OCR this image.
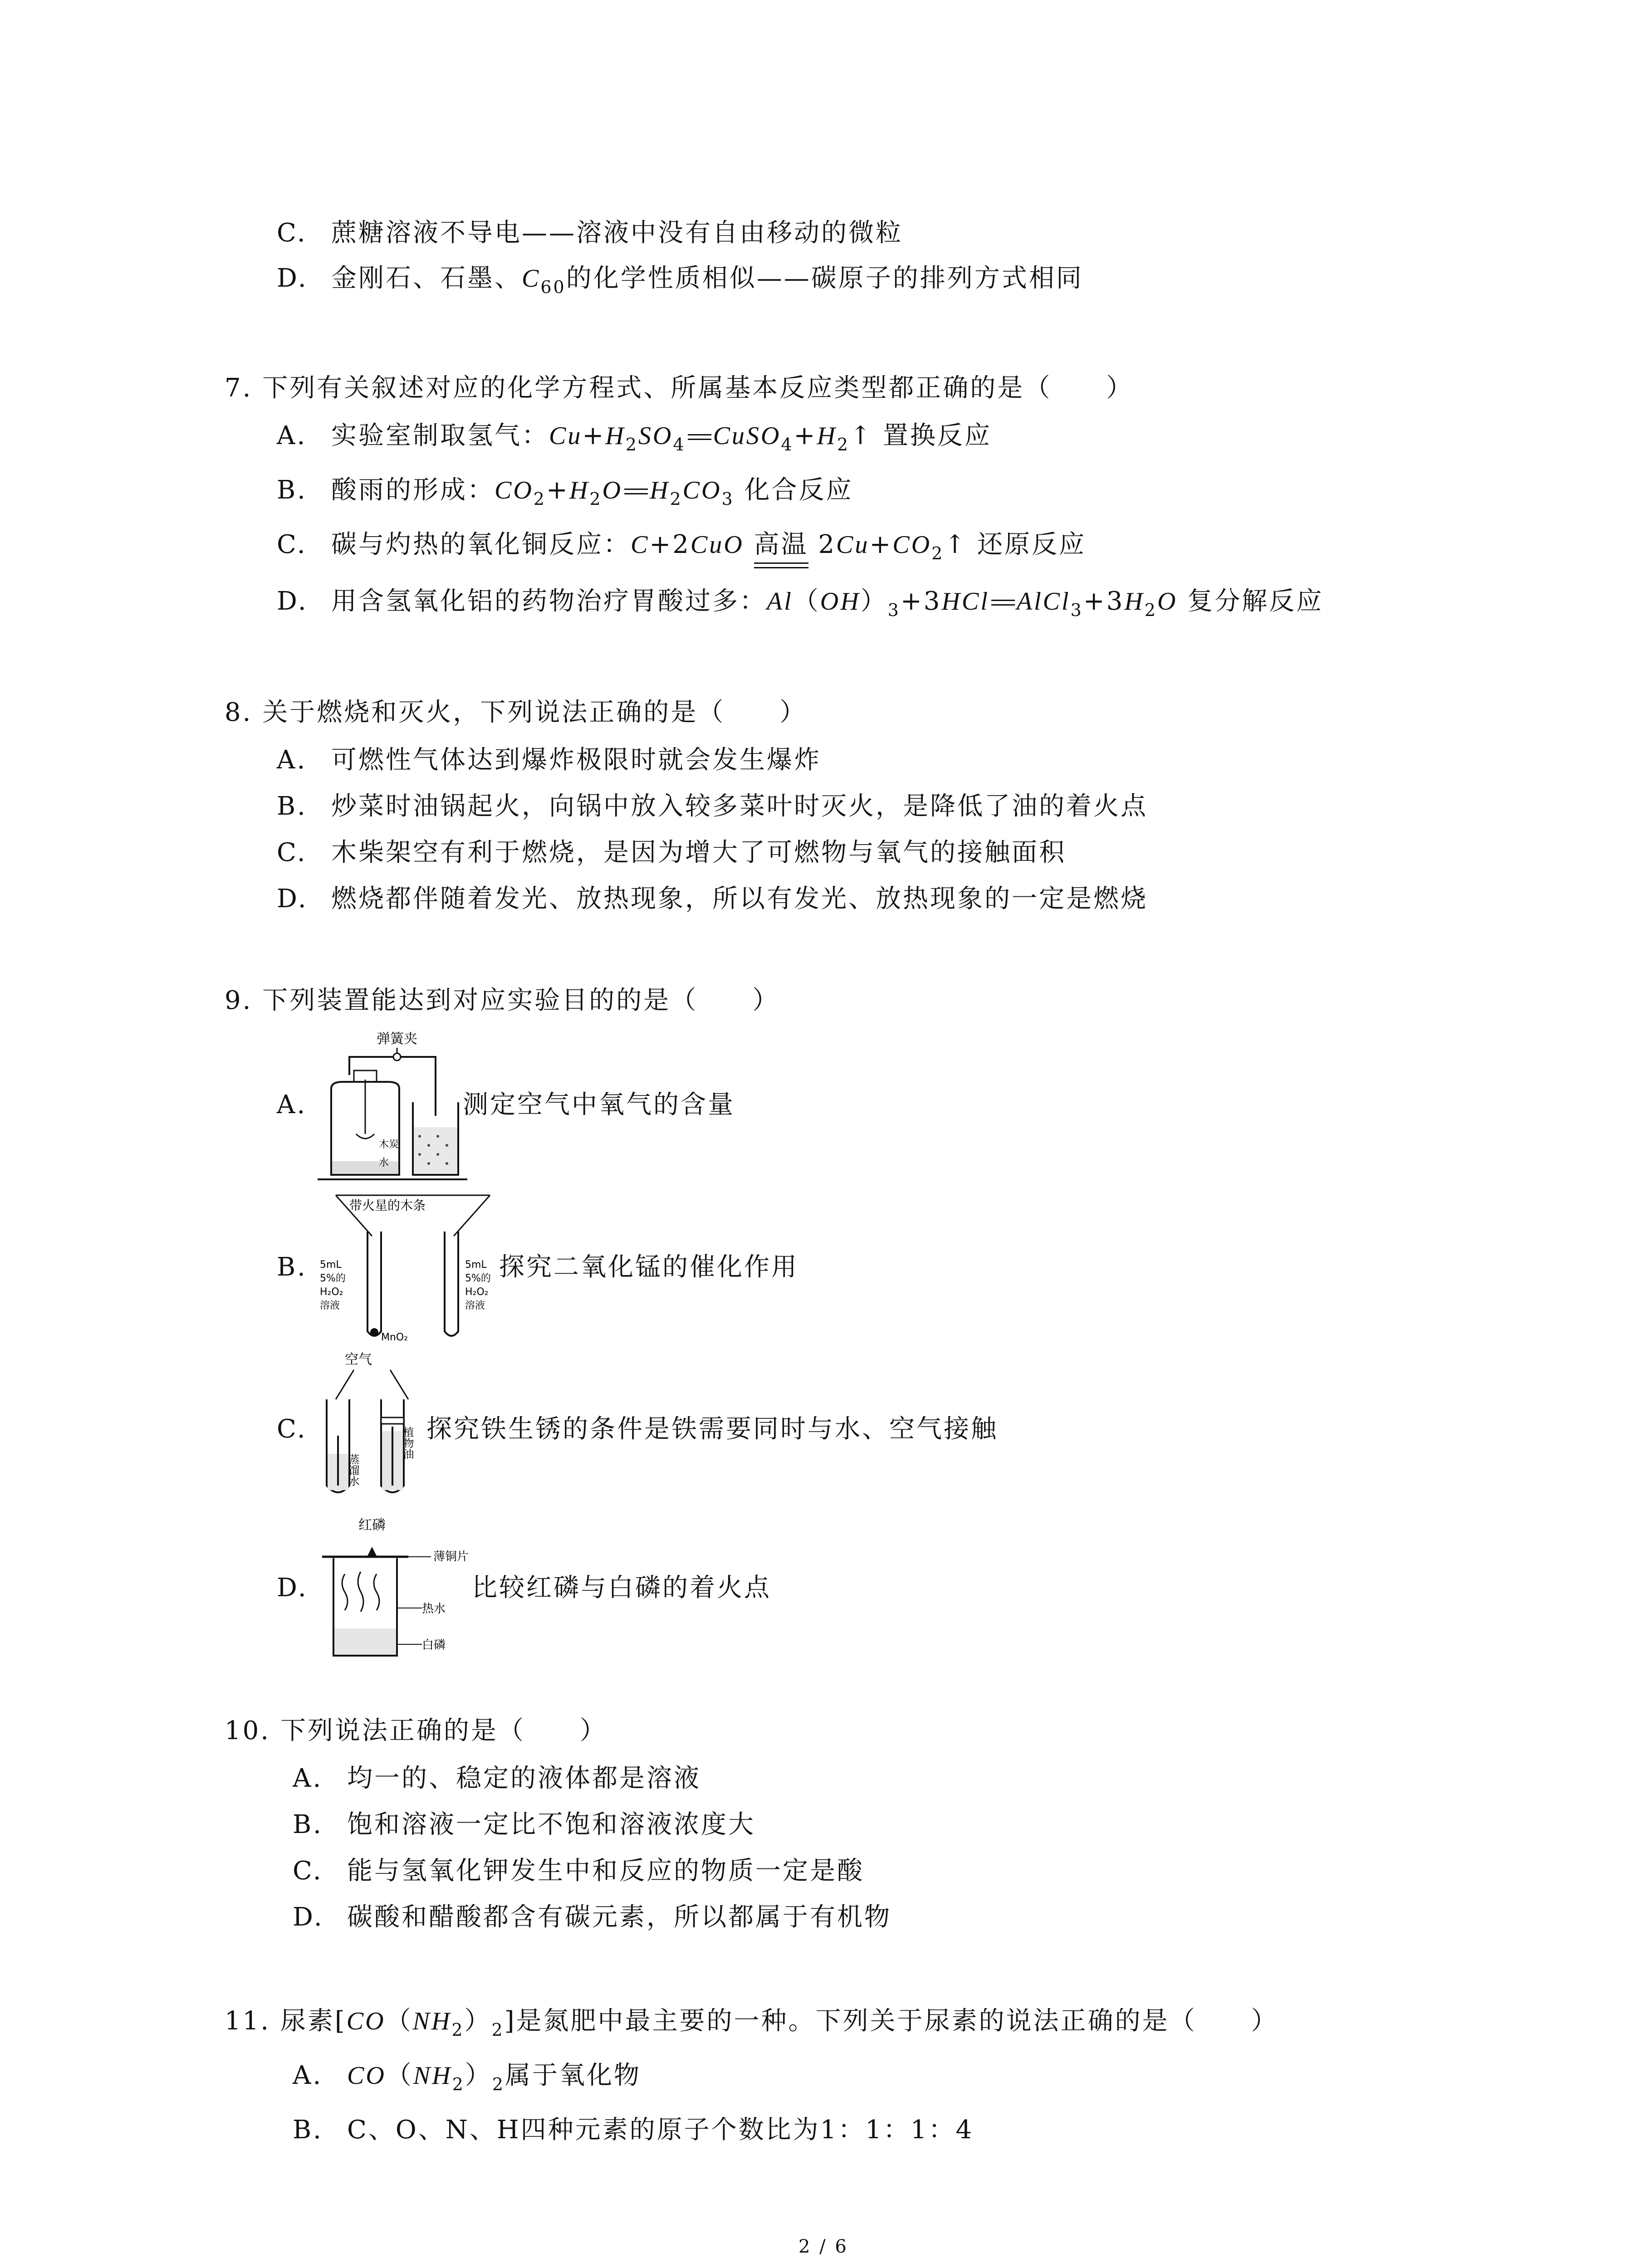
C. 蔗糖溶液不导电——溶液中没有自由移动的微粒
D. 金刚石、石墨、$C_{60}$的化学性质相似——碳原子的排列方式相同
7. 下列有关叙述对应的化学方程式、所属基本反应类型都正确的是（　　）
A. 实验室制取氢气：$Cu+H_2SO_4$ $CuSO_4+H_2↑$ 置换反应
B. 酸雨的形成：$CO_2+H_2O$ $H_2CO_3$ 化合反应
C. 碳与灼热的氧化铜反应：C+2CuO 高温
$2Cu+CO_2↑$ 还原反应
D. 用含氢氧化铝的药物治疗胃酸过多：$Al(OH)_3+3HCl$ $AlCl_3+3H_2O$ 复分解反应
8. 关于燃烧和灭火，下列说法正确的是（　　）
A. 可燃性气体达到爆炸极限时就会发生爆炸
B. 炒菜时油锅起火，向锅中放入较多菜叶时灭火，是降低了油的着火点
C. 木柴架空有利于燃烧，是因为增大了可燃物与氧气的接触面积
D. 燃烧都伴随着发光、放热现象，所以有发光、放热现象的一定是燃烧
9. 下列装置能达到对应实验目的的是（　　）
A.
弹簧夹
木炭
水
测定空气中氧气的含量
B.
带火星的木条
5mL
5%的
H₂O₂
溶液
MnO₂
5mL
5%的
H₂O₂
溶液
探究二氧化锰的催化作用
C.
空气
蒸馏水
植物油 探究铁生锈的条件是铁需要同时与水、空气接触
D.
红磷
薄铜片
热水
白磷
比较红磷与白磷的着火点
10. 下列说法正确的是（　　）
A. 均一的、稳定的液体都是溶液
B. 饱和溶液一定比不饱和溶液浓度大
C. 能与氢氧化钾发生中和反应的物质一定是酸
D. 碳酸和醋酸都含有碳元素，所以都属于有机物
11. 尿素$[CO(NH_2)_2]$是氮肥中最主要的一种。下列关于尿素的说法正确的是（　　）
A. $CO(NH_2)_2$属于氧化物
B. C、O、N、H四种元素的原子个数比为1：1：1：4
2 / 6
